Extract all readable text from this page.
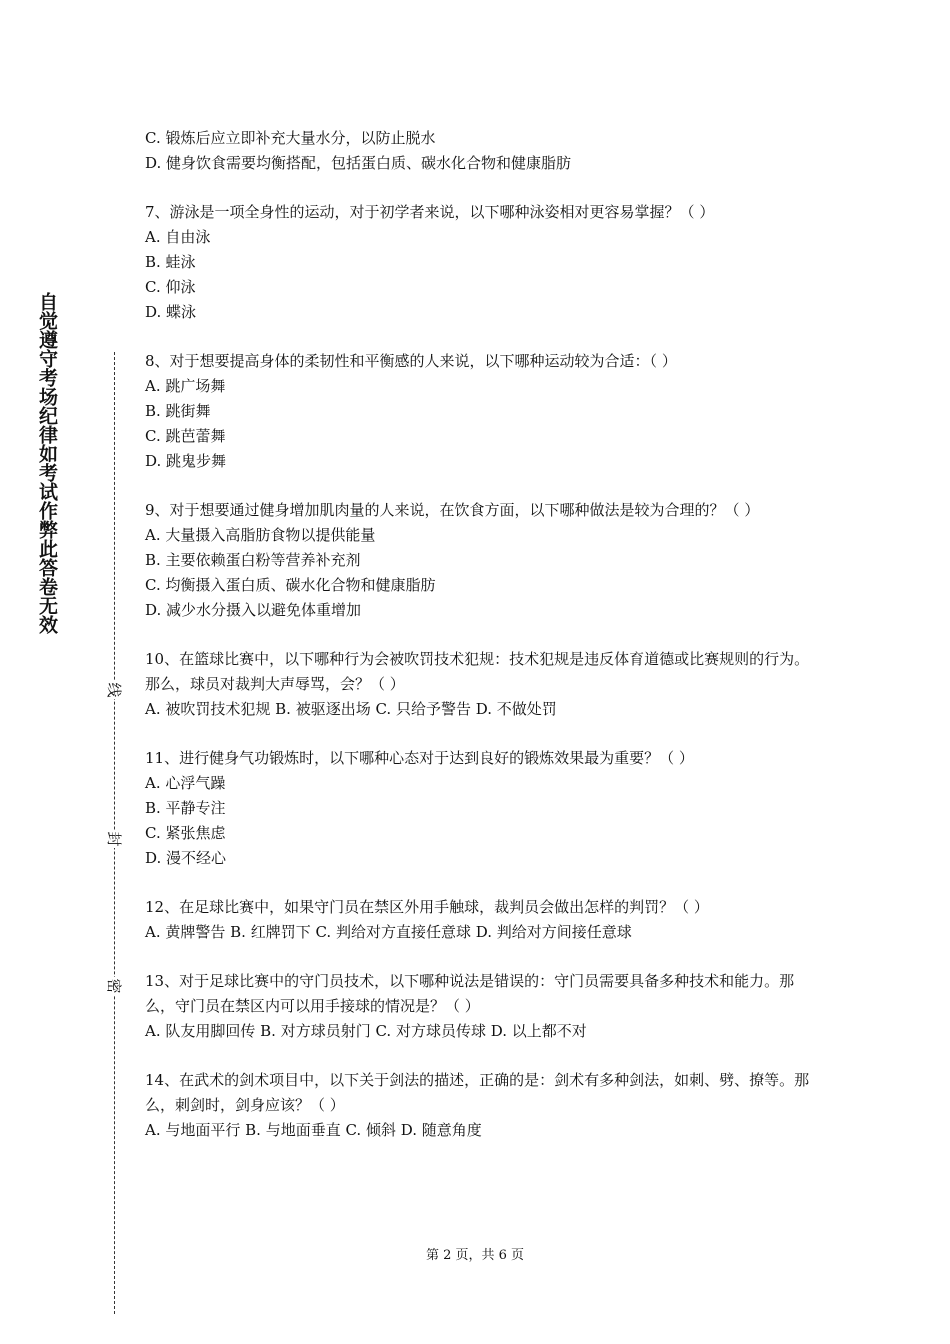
自觉遵守考场纪律如考试作弊此答卷无效
线
封
密
C. 锻炼后应立即补充大量水分，以防止脱水
D. 健身饮食需要均衡搭配，包括蛋白质、碳水化合物和健康脂肪
7、游泳是一项全身性的运动，对于初学者来说，以下哪种泳姿相对更容易掌握？（ ）
A. 自由泳
B. 蛙泳
C. 仰泳
D. 蝶泳
8、对于想要提高身体的柔韧性和平衡感的人来说，以下哪种运动较为合适：（ ）
A. 跳广场舞
B. 跳街舞
C. 跳芭蕾舞
D. 跳鬼步舞
9、对于想要通过健身增加肌肉量的人来说，在饮食方面，以下哪种做法是较为合理的？（ ）
A. 大量摄入高脂肪食物以提供能量
B. 主要依赖蛋白粉等营养补充剂
C. 均衡摄入蛋白质、碳水化合物和健康脂肪
D. 减少水分摄入以避免体重增加
10、在篮球比赛中，以下哪种行为会被吹罚技术犯规：技术犯规是违反体育道德或比赛规则的行为。那么，球员对裁判大声辱骂，会？（ ）
A. 被吹罚技术犯规 B. 被驱逐出场 C. 只给予警告 D. 不做处罚
11、进行健身气功锻炼时，以下哪种心态对于达到良好的锻炼效果最为重要？（ ）
A. 心浮气躁
B. 平静专注
C. 紧张焦虑
D. 漫不经心
12、在足球比赛中，如果守门员在禁区外用手触球，裁判员会做出怎样的判罚？（ ）
A. 黄牌警告 B. 红牌罚下 C. 判给对方直接任意球 D. 判给对方间接任意球
13、对于足球比赛中的守门员技术，以下哪种说法是错误的：守门员需要具备多种技术和能力。那么，守门员在禁区内可以用手接球的情况是？（ ）
A. 队友用脚回传 B. 对方球员射门 C. 对方球员传球 D. 以上都不对
14、在武术的剑术项目中，以下关于剑法的描述，正确的是：剑术有多种剑法，如刺、劈、撩等。那么，刺剑时，剑身应该？（ ）
A. 与地面平行 B. 与地面垂直 C. 倾斜 D. 随意角度
第 2 页，共 6 页
